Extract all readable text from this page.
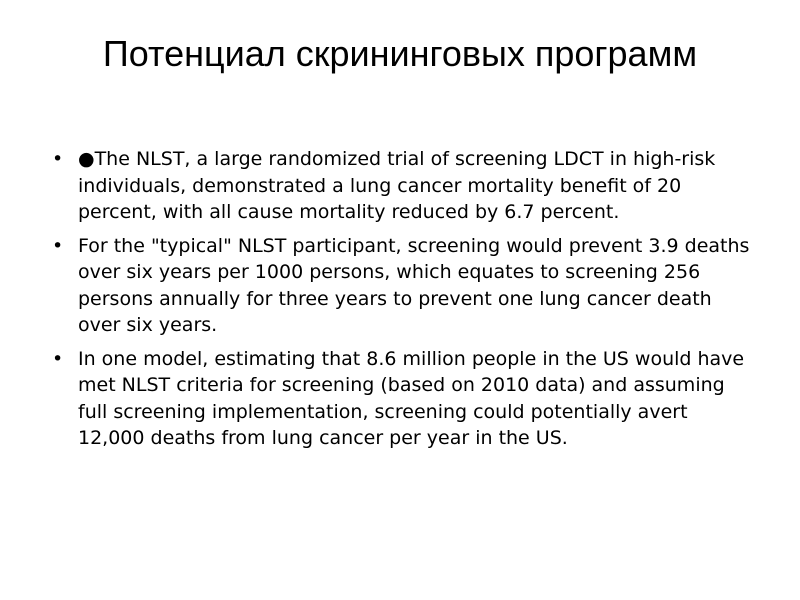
Потенциал скрининговых программ
• ●The NLST, a large randomized trial of screening LDCT in high-risk individuals, demonstrated a lung cancer mortality benefit of 20 percent, with all cause mortality reduced by 6.7 percent.
• For the "typical" NLST participant, screening would prevent 3.9 deaths over six years per 1000 persons, which equates to screening 256 persons annually for three years to prevent one lung cancer death over six years.
• In one model, estimating that 8.6 million people in the US would have met NLST criteria for screening (based on 2010 data) and assuming full screening implementation, screening could potentially avert 12,000 deaths from lung cancer per year in the US.
